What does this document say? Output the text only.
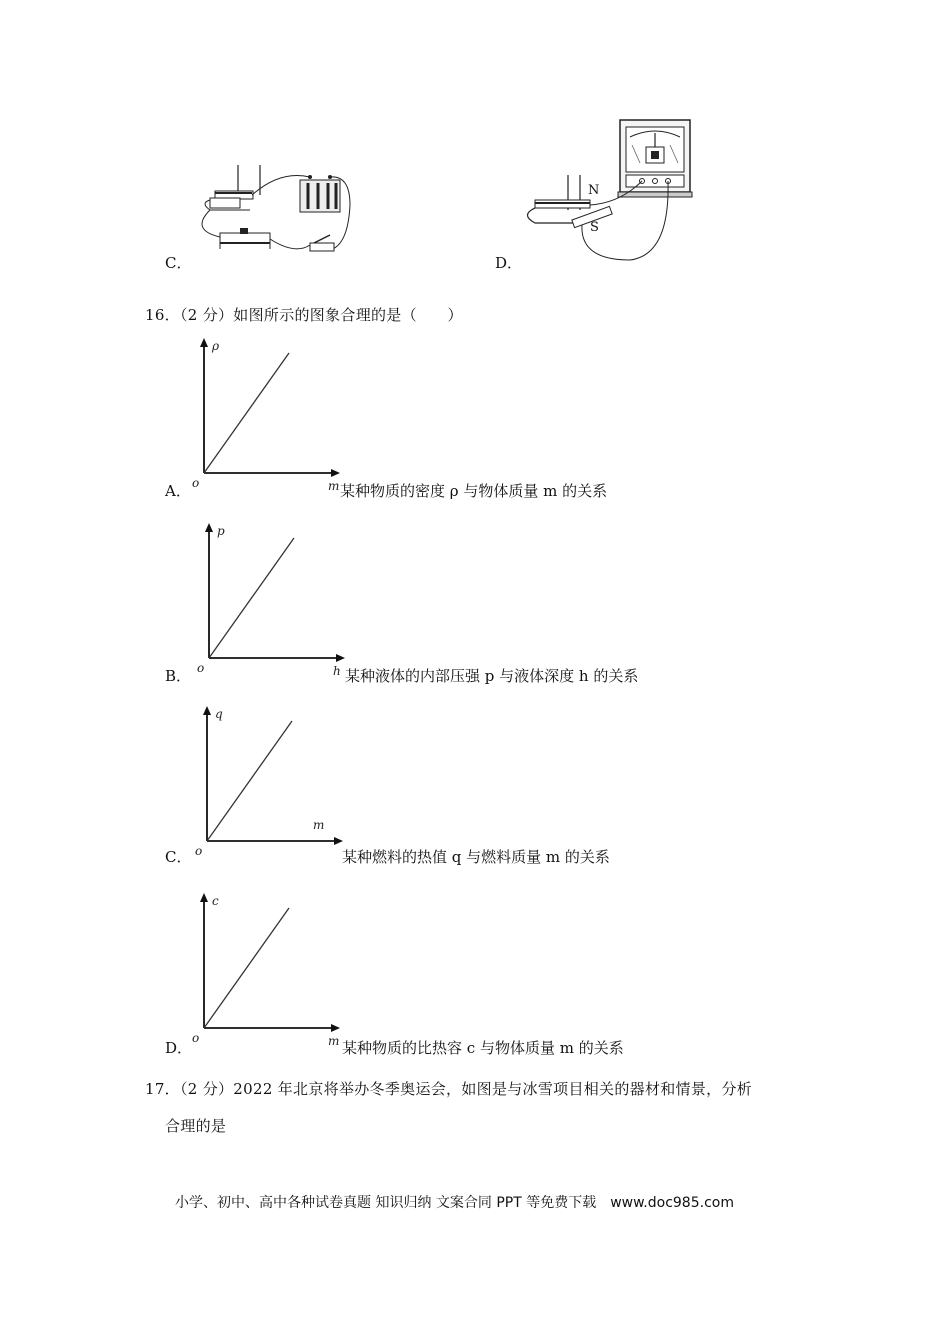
C．	D．
N
S
16．（2 分）如图所示的图象合理的是（　　）
A．
ρ
o	m 某种物质的密度 ρ 与物体质量 m 的关系
B．
p
o	h 某种液体的内部压强 p 与液体深度 h 的关系
C．
q
o
m
某种燃料的热值 q 与燃料质量 m 的关系
D．
c
o	m 某种物质的比热容 c 与物体质量 m 的关系
17．（2 分）2022 年北京将举办冬季奥运会，如图是与冰雪项目相关的器材和情景，分析
合理的是
小学、初中、高中各种试卷真题 知识归纳 文案合同 PPT 等免费下载　www.doc985.com
